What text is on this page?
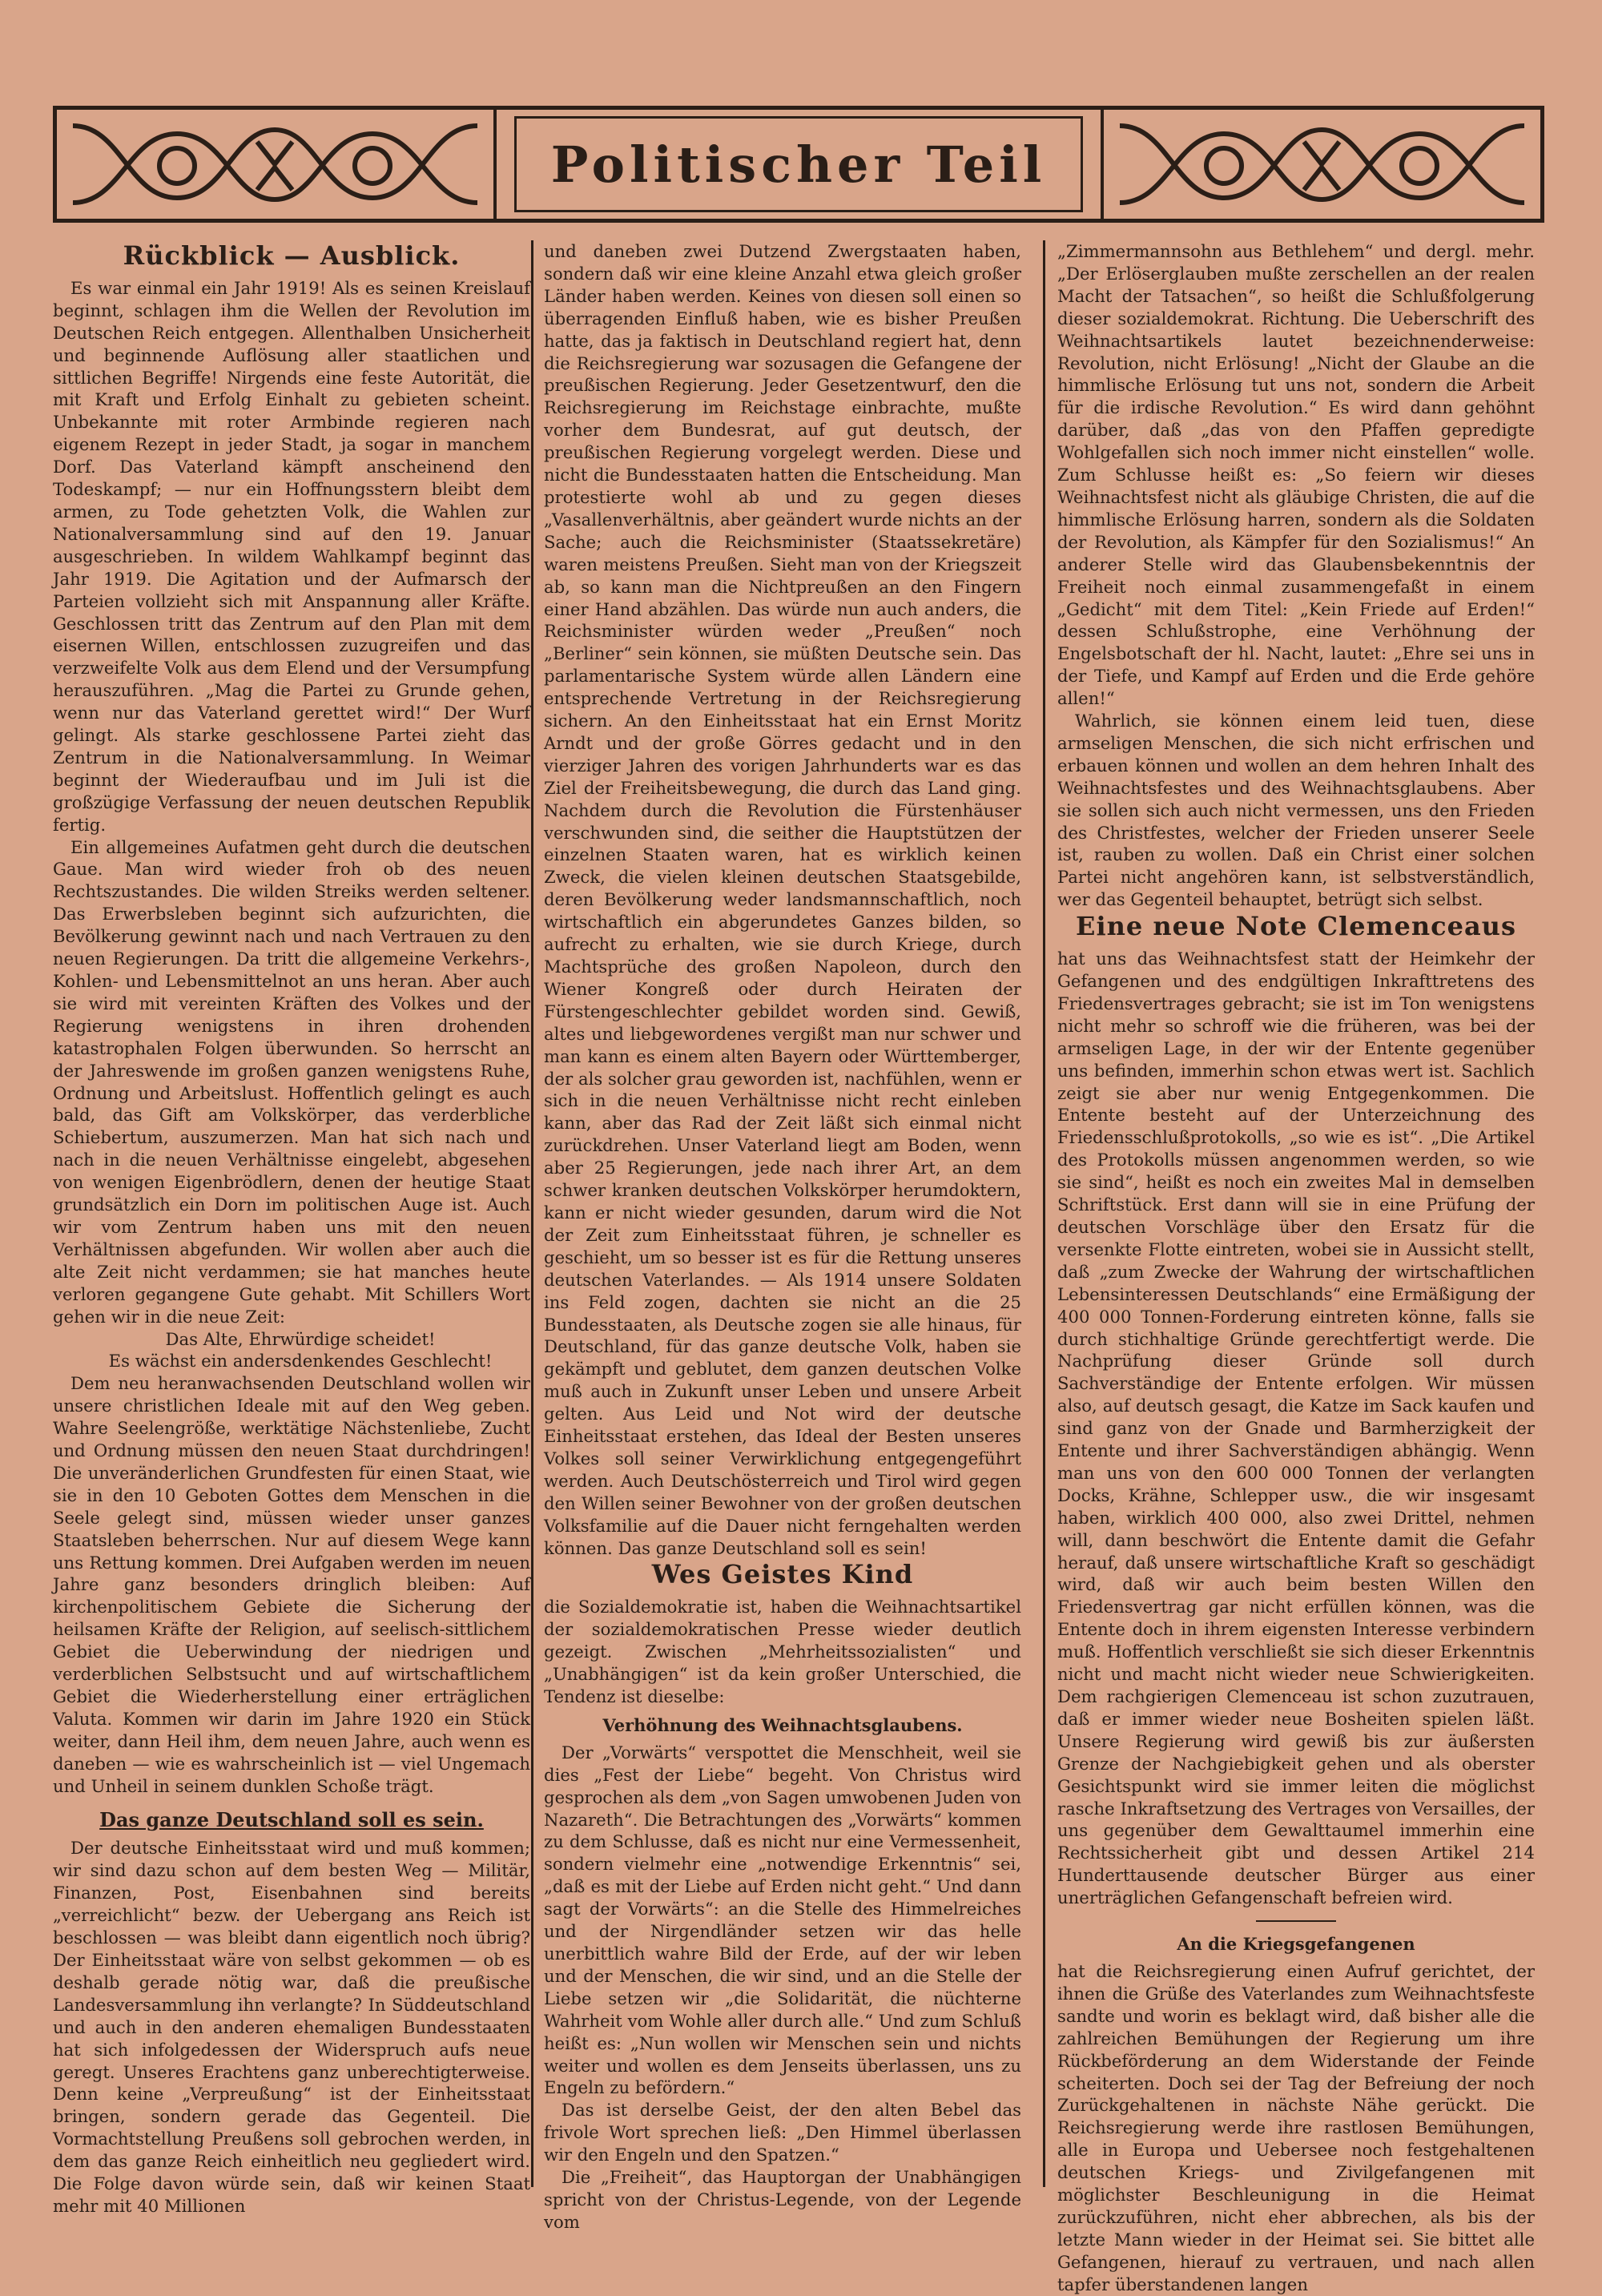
Politischer Teil
Rückblick — Ausblick.

Es war einmal ein Jahr 1919! Als es seinen Kreislauf beginnt, schlagen ihm die Wellen der Revolution im Deutschen Reich entgegen. Allenthalben Unsicherheit und beginnende Auflösung aller staatlichen und sittlichen Begriffe! Nirgends eine feste Autorität, die mit Kraft und Erfolg Einhalt zu gebieten scheint. Unbekannte mit roter Armbinde regieren nach eigenem Rezept in jeder Stadt, ja sogar in manchem Dorf. Das Vaterland kämpft anscheinend den Todeskampf; — nur ein Hoffnungsstern bleibt dem armen, zu Tode gehetzten Volk, die Wahlen zur Nationalversammlung sind auf den 19. Januar ausgeschrieben. In wildem Wahlkampf beginnt das Jahr 1919. Die Agitation und der Aufmarsch der Parteien vollzieht sich mit Anspannung aller Kräfte. Geschlossen tritt das Zentrum auf den Plan mit dem eisernen Willen, entschlossen zuzugreifen und das verzweifelte Volk aus dem Elend und der Versumpfung herauszuführen. „Mag die Partei zu Grunde gehen, wenn nur das Vaterland gerettet wird!“ Der Wurf gelingt. Als starke geschlossene Partei zieht das Zentrum in die Nationalversammlung. In Weimar beginnt der Wiederaufbau und im Juli ist die großzügige Verfassung der neuen deutschen Republik fertig.

Ein allgemeines Aufatmen geht durch die deutschen Gaue. Man wird wieder froh ob des neuen Rechtszustandes. Die wilden Streiks werden seltener. Das Erwerbsleben beginnt sich aufzurichten, die Bevölkerung gewinnt nach und nach Vertrauen zu den neuen Regierungen. Da tritt die allgemeine Verkehrs-, Kohlen- und Lebensmittelnot an uns heran. Aber auch sie wird mit vereinten Kräften des Volkes und der Regierung wenigstens in ihren drohenden katastrophalen Folgen überwunden. So herrscht an der Jahreswende im großen ganzen wenigstens Ruhe, Ordnung und Arbeitslust. Hoffentlich gelingt es auch bald, das Gift am Volkskörper, das verderbliche Schiebertum, auszumerzen. Man hat sich nach und nach in die neuen Verhältnisse eingelebt, abgesehen von wenigen Eigenbrödlern, denen der heutige Staat grundsätzlich ein Dorn im politischen Auge ist. Auch wir vom Zentrum haben uns mit den neuen Verhältnissen abgefunden. Wir wollen aber auch die alte Zeit nicht verdammen; sie hat manches heute verloren gegangene Gute gehabt. Mit Schillers Wort gehen wir in die neue Zeit:

Das Alte, Ehrwürdige scheidet!

Es wächst ein andersdenkendes Geschlecht!

Dem neu heranwachsenden Deutschland wollen wir unsere christlichen Ideale mit auf den Weg geben. Wahre Seelengröße, werktätige Nächstenliebe, Zucht und Ordnung müssen den neuen Staat durchdringen! Die unveränderlichen Grundfesten für einen Staat, wie sie in den 10 Geboten Gottes dem Menschen in die Seele gelegt sind, müssen wieder unser ganzes Staatsleben beherrschen. Nur auf diesem Wege kann uns Rettung kommen. Drei Aufgaben werden im neuen Jahre ganz besonders dringlich bleiben: Auf kirchenpolitischem Gebiete die Sicherung der heilsamen Kräfte der Religion, auf seelisch-sittlichem Gebiet die Ueberwindung der niedrigen und verderblichen Selbstsucht und auf wirtschaftlichem Gebiet die Wiederherstellung einer erträglichen Valuta. Kommen wir darin im Jahre 1920 ein Stück weiter, dann Heil ihm, dem neuen Jahre, auch wenn es daneben — wie es wahrscheinlich ist — viel Ungemach und Unheil in seinem dunklen Schoße trägt.

Das ganze Deutschland soll es sein.

Der deutsche Einheitsstaat wird und muß kommen; wir sind dazu schon auf dem besten Weg — Militär, Finanzen, Post, Eisenbahnen sind bereits „verreichlicht“ bezw. der Uebergang ans Reich ist beschlossen — was bleibt dann eigentlich noch übrig? Der Einheitsstaat wäre von selbst gekommen — ob es deshalb gerade nötig war, daß die preußische Landesversammlung ihn verlangte? In Süddeutschland und auch in den anderen ehemaligen Bundesstaaten hat sich infolgedessen der Widerspruch aufs neue geregt. Unseres Erachtens ganz unberechtigterweise. Denn keine „Verpreußung“ ist der Einheitsstaat bringen, sondern gerade das Gegenteil. Die Vormachtstellung Preußens soll gebrochen werden, in dem das ganze Reich einheitlich neu gegliedert wird. Die Folge davon würde sein, daß wir keinen Staat mehr mit 40 Millionen

und daneben zwei Dutzend Zwergstaaten haben, sondern daß wir eine kleine Anzahl etwa gleich großer Länder haben werden. Keines von diesen soll einen so überragenden Einfluß haben, wie es bisher Preußen hatte, das ja faktisch in Deutschland regiert hat, denn die Reichsregierung war sozusagen die Gefangene der preußischen Regierung. Jeder Gesetzentwurf, den die Reichsregierung im Reichstage einbrachte, mußte vorher dem Bundesrat, auf gut deutsch, der preußischen Regierung vorgelegt werden. Diese und nicht die Bundesstaaten hatten die Entscheidung. Man protestierte wohl ab und zu gegen dieses „Vasallenverhältnis, aber geändert wurde nichts an der Sache; auch die Reichsminister (Staatssekretäre) waren meistens Preußen. Sieht man von der Kriegszeit ab, so kann man die Nichtpreußen an den Fingern einer Hand abzählen. Das würde nun auch anders, die Reichsminister würden weder „Preußen“ noch „Berliner“ sein können, sie müßten Deutsche sein. Das parlamentarische System würde allen Ländern eine entsprechende Vertretung in der Reichsregierung sichern. An den Einheitsstaat hat ein Ernst Moritz Arndt und der große Görres gedacht und in den vierziger Jahren des vorigen Jahrhunderts war es das Ziel der Freiheitsbewegung, die durch das Land ging. Nachdem durch die Revolution die Fürstenhäuser verschwunden sind, die seither die Hauptstützen der einzelnen Staaten waren, hat es wirklich keinen Zweck, die vielen kleinen deutschen Staatsgebilde, deren Bevölkerung weder landsmannschaftlich, noch wirtschaftlich ein abgerundetes Ganzes bilden, so aufrecht zu erhalten, wie sie durch Kriege, durch Machtsprüche des großen Napoleon, durch den Wiener Kongreß oder durch Heiraten der Fürstengeschlechter gebildet worden sind. Gewiß, altes und liebgewordenes vergißt man nur schwer und man kann es einem alten Bayern oder Württemberger, der als solcher grau geworden ist, nachfühlen, wenn er sich in die neuen Verhältnisse nicht recht einleben kann, aber das Rad der Zeit läßt sich einmal nicht zurückdrehen. Unser Vaterland liegt am Boden, wenn aber 25 Regierungen, jede nach ihrer Art, an dem schwer kranken deutschen Volkskörper herumdoktern, kann er nicht wieder gesunden, darum wird die Not der Zeit zum Einheitsstaat führen, je schneller es geschieht, um so besser ist es für die Rettung unseres deutschen Vaterlandes. — Als 1914 unsere Soldaten ins Feld zogen, dachten sie nicht an die 25 Bundesstaaten, als Deutsche zogen sie alle hinaus, für Deutschland, für das ganze deutsche Volk, haben sie gekämpft und geblutet, dem ganzen deutschen Volke muß auch in Zukunft unser Leben und unsere Arbeit gelten. Aus Leid und Not wird der deutsche Einheitsstaat erstehen, das Ideal der Besten unseres Volkes soll seiner Verwirklichung entgegengeführt werden. Auch Deutschösterreich und Tirol wird gegen den Willen seiner Bewohner von der großen deutschen Volksfamilie auf die Dauer nicht ferngehalten werden können. Das ganze Deutschland soll es sein!

Wes Geistes Kind

die Sozialdemokratie ist, haben die Weihnachtsartikel der sozialdemokratischen Presse wieder deutlich gezeigt. Zwischen „Mehrheitssozialisten“ und „Unabhängigen“ ist da kein großer Unterschied, die Tendenz ist dieselbe:

Verhöhnung des Weihnachtsglaubens.

Der „Vorwärts“ verspottet die Menschheit, weil sie dies „Fest der Liebe“ begeht. Von Christus wird gesprochen als dem „von Sagen umwobenen Juden von Nazareth“. Die Betrachtungen des „Vorwärts“ kommen zu dem Schlusse, daß es nicht nur eine Vermessenheit, sondern vielmehr eine „notwendige Erkenntnis“ sei, „daß es mit der Liebe auf Erden nicht geht.“ Und dann sagt der Vorwärts“: an die Stelle des Himmelreiches und der Nirgendländer setzen wir das helle unerbittlich wahre Bild der Erde, auf der wir leben und der Menschen, die wir sind, und an die Stelle der Liebe setzen wir „die Solidarität, die nüchterne Wahrheit vom Wohle aller durch alle.“ Und zum Schluß heißt es: „Nun wollen wir Menschen sein und nichts weiter und wollen es dem Jenseits überlassen, uns zu Engeln zu befördern.“

Das ist derselbe Geist, der den alten Bebel das frivole Wort sprechen ließ: „Den Himmel überlassen wir den Engeln und den Spatzen.“

Die „Freiheit“, das Hauptorgan der Unabhängigen spricht von der Christus-Legende, von der Legende vom

„Zimmermannsohn aus Bethlehem“ und dergl. mehr. „Der Erlöserglauben mußte zerschellen an der realen Macht der Tatsachen“, so heißt die Schlußfolgerung dieser sozialdemokrat. Richtung. Die Ueberschrift des Weihnachtsartikels lautet bezeichnenderweise: Revolution, nicht Erlösung! „Nicht der Glaube an die himmlische Erlösung tut uns not, sondern die Arbeit für die irdische Revolution.“ Es wird dann gehöhnt darüber, daß „das von den Pfaffen gepredigte Wohlgefallen sich noch immer nicht einstellen“ wolle. Zum Schlusse heißt es: „So feiern wir dieses Weihnachtsfest nicht als gläubige Christen, die auf die himmlische Erlösung harren, sondern als die Soldaten der Revolution, als Kämpfer für den Sozialismus!“ An anderer Stelle wird das Glaubensbekenntnis der Freiheit noch einmal zusammengefaßt in einem „Gedicht“ mit dem Titel: „Kein Friede auf Erden!“ dessen Schlußstrophe, eine Verhöhnung der Engelsbotschaft der hl. Nacht, lautet: „Ehre sei uns in der Tiefe, und Kampf auf Erden und die Erde gehöre allen!“

Wahrlich, sie können einem leid tuen, diese armseligen Menschen, die sich nicht erfrischen und erbauen können und wollen an dem hehren Inhalt des Weihnachtsfestes und des Weihnachtsglaubens. Aber sie sollen sich auch nicht vermessen, uns den Frieden des Christfestes, welcher der Frieden unserer Seele ist, rauben zu wollen. Daß ein Christ einer solchen Partei nicht angehören kann, ist selbstverständlich, wer das Gegenteil behauptet, betrügt sich selbst.

Eine neue Note Clemenceaus

hat uns das Weihnachtsfest statt der Heimkehr der Gefangenen und des endgültigen Inkrafttretens des Friedensvertrages gebracht; sie ist im Ton wenigstens nicht mehr so schroff wie die früheren, was bei der armseligen Lage, in der wir der Entente gegenüber uns befinden, immerhin schon etwas wert ist. Sachlich zeigt sie aber nur wenig Entgegenkommen. Die Entente besteht auf der Unterzeichnung des Friedensschlußprotokolls, „so wie es ist“. „Die Artikel des Protokolls müssen angenommen werden, so wie sie sind“, heißt es noch ein zweites Mal in demselben Schriftstück. Erst dann will sie in eine Prüfung der deutschen Vorschläge über den Ersatz für die versenkte Flotte eintreten, wobei sie in Aussicht stellt, daß „zum Zwecke der Wahrung der wirtschaftlichen Lebensinteressen Deutschlands“ eine Ermäßigung der 400 000 Tonnen-Forderung eintreten könne, falls sie durch stichhaltige Gründe gerechtfertigt werde. Die Nachprüfung dieser Gründe soll durch Sachverständige der Entente erfolgen. Wir müssen also, auf deutsch gesagt, die Katze im Sack kaufen und sind ganz von der Gnade und Barmherzigkeit der Entente und ihrer Sachverständigen abhängig. Wenn man uns von den 600 000 Tonnen der verlangten Docks, Krähne, Schlepper usw., die wir insgesamt haben, wirklich 400 000, also zwei Drittel, nehmen will, dann beschwört die Entente damit die Gefahr herauf, daß unsere wirtschaftliche Kraft so geschädigt wird, daß wir auch beim besten Willen den Friedensvertrag gar nicht erfüllen können, was die Entente doch in ihrem eigensten Interesse verbindern muß. Hoffentlich verschließt sie sich dieser Erkenntnis nicht und macht nicht wieder neue Schwierigkeiten. Dem rachgierigen Clemenceau ist schon zuzutrauen, daß er immer wieder neue Bosheiten spielen läßt. Unsere Regierung wird gewiß bis zur äußersten Grenze der Nachgiebigkeit gehen und als oberster Gesichtspunkt wird sie immer leiten die möglichst rasche Inkraftsetzung des Vertrages von Versailles, der uns gegenüber dem Gewalttaumel immerhin eine Rechtssicherheit gibt und dessen Artikel 214 Hunderttausende deutscher Bürger aus einer unerträglichen Gefangenschaft befreien wird.

An die Kriegsgefangenen

hat die Reichsregierung einen Aufruf gerichtet, der ihnen die Grüße des Vaterlandes zum Weihnachtsfeste sandte und worin es beklagt wird, daß bisher alle die zahlreichen Bemühungen der Regierung um ihre Rückbeförderung an dem Widerstande der Feinde scheiterten. Doch sei der Tag der Befreiung der noch Zurückgehaltenen in nächste Nähe gerückt. Die Reichsregierung werde ihre rastlosen Bemühungen, alle in Europa und Uebersee noch festgehaltenen deutschen Kriegs- und Zivilgefangenen mit möglichster Beschleunigung in die Heimat zurückzuführen, nicht eher abbrechen, als bis der letzte Mann wieder in der Heimat sei. Sie bittet alle Gefangenen, hierauf zu vertrauen, und nach allen tapfer überstandenen langen
